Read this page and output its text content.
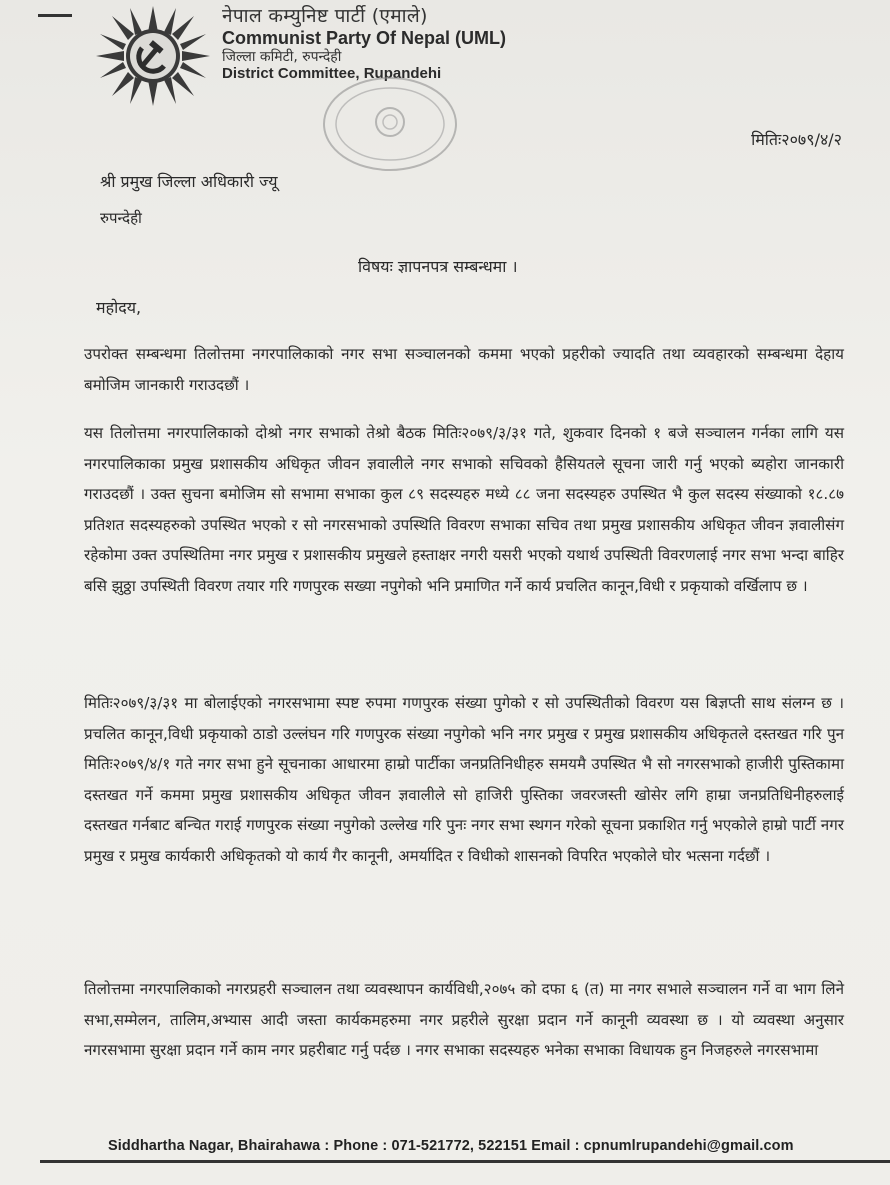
नेपाल कम्युनिष्ट पार्टी (एमाले)
Communist Party Of Nepal (UML)
जिल्ला कमिटी, रुपन्देही
District Committee, Rupandehi
मितिः२०७९/४/२
श्री प्रमुख जिल्ला अधिकारी ज्यू
रुपन्देही
विषयः ज्ञापनपत्र सम्बन्धमा ।
महोदय,
उपरोक्त सम्बन्धमा तिलोत्तमा नगरपालिकाको नगर सभा सञ्चालनको कममा भएको प्रहरीको ज्यादति तथा व्यवहारको सम्बन्धमा देहाय बमोजिम जानकारी गराउदछौं ।
यस तिलोत्तमा नगरपालिकाको दोश्रो नगर सभाको तेश्रो बैठक मितिः२०७९/३/३१ गते, शुकवार दिनको १ बजे सञ्चालन गर्नका लागि यस नगरपालिकाका प्रमुख प्रशासकीय अधिकृत जीवन ज्ञवालीले नगर सभाको सचिवको हैसियतले सूचना जारी गर्नु भएको ब्यहोरा जानकारी गराउदछौं । उक्त सुचना बमोजिम सो सभामा सभाका कुल ८९ सदस्यहरु मध्ये ८८ जना सदस्यहरु उपस्थित भै कुल सदस्य संख्याको १८.८७ प्रतिशत सदस्यहरुको उपस्थित भएको र सो नगरसभाको उपस्थिति विवरण सभाका सचिव तथा प्रमुख प्रशासकीय अधिकृत जीवन ज्ञवालीसंग रहेकोमा उक्त उपस्थितिमा नगर प्रमुख र प्रशासकीय प्रमुखले हस्ताक्षर नगरी यसरी भएको यथार्थ उपस्थिती विवरणलाई नगर सभा भन्दा बाहिर बसि झुठ्ठा उपस्थिती विवरण तयार गरि गणपुरक सख्या नपुगेको भनि प्रमाणित गर्ने कार्य प्रचलित कानून,विधी र प्रकृयाको वर्खिलाप छ ।
मितिः२०७९/३/३१ मा बोलाईएको नगरसभामा स्पष्ट रुपमा गणपुरक संख्या पुगेको र सो उपस्थितीको विवरण यस बिज्ञप्ती साथ संलग्न छ । प्रचलित कानून,विधी प्रकृयाको ठाडो उल्लंघन गरि गणपुरक संख्या नपुगेको भनि नगर प्रमुख र प्रमुख प्रशासकीय अधिकृतले दस्तखत गरि पुन मितिः२०७९/४/१ गते नगर सभा हुने सूचनाका आधारमा हाम्रो पार्टीका जनप्रतिनिधीहरु समयमै उपस्थित भै सो नगरसभाको हाजीरी पुस्तिकामा दस्तखत गर्ने कममा प्रमुख प्रशासकीय अधिकृत जीवन ज्ञवालीले सो हाजिरी पुस्तिका जवरजस्ती खोसेर लगि हाम्रा जनप्रतिधिनीहरुलाई दस्तखत गर्नबाट बन्चित गराई गणपुरक संख्या नपुगेको उल्लेख गरि पुनः नगर सभा स्थगन गरेको सूचना प्रकाशित गर्नु भएकोले हाम्रो पार्टी नगर प्रमुख र प्रमुख कार्यकारी अधिकृतको यो कार्य गैर कानूनी, अमर्यादित र विधीको शासनको विपरित भएकोले घोर भत्सना गर्दछौं ।
तिलोत्तमा नगरपालिकाको नगरप्रहरी सञ्चालन तथा व्यवस्थापन कार्यविधी,२०७५ को दफा ६ (त) मा नगर सभाले सञ्चालन गर्ने वा भाग लिने सभा,सम्मेलन, तालिम,अभ्यास आदी जस्ता कार्यकमहरुमा नगर प्रहरीले सुरक्षा प्रदान गर्ने कानूनी व्यवस्था छ । यो व्यवस्था अनुसार नगरसभामा सुरक्षा प्रदान गर्ने काम नगर प्रहरीबाट गर्नु पर्दछ । नगर सभाका सदस्यहरु भनेका सभाका विधायक हुन निजहरुले नगरसभामा
Siddhartha Nagar, Bhairahawa : Phone : 071-521772, 522151 Email : cpnumlrupandehi@gmail.com
